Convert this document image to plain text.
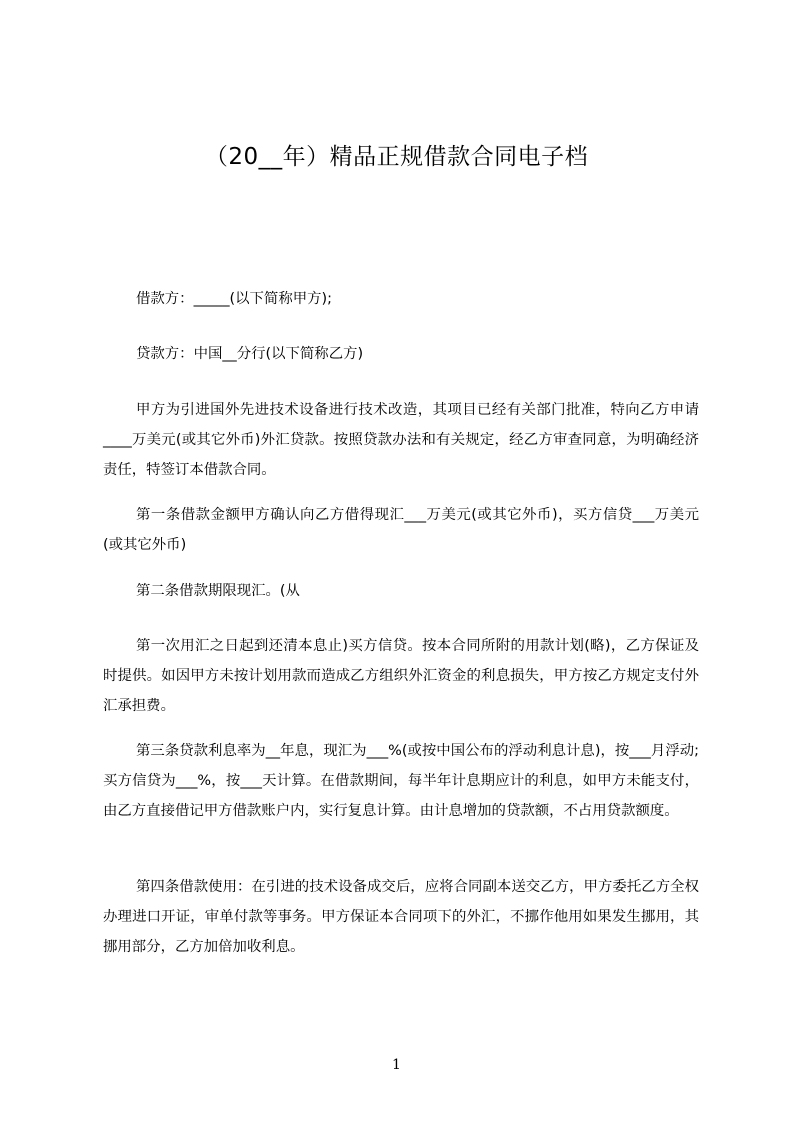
（20__年）精品正规借款合同电子档

借款方：_____(以下简称甲方);

贷款方：中国__分行(以下简称乙方)

甲方为引进国外先进技术设备进行技术改造，其项目已经有关部门批准，特向乙方申请____万美元(或其它外币)外汇贷款。按照贷款办法和有关规定，经乙方审查同意，为明确经济责任，特签订本借款合同。

第一条借款金额甲方确认向乙方借得现汇___万美元(或其它外币)，买方信贷___万美元(或其它外币)

第二条借款期限现汇。(从

第一次用汇之日起到还清本息止)买方信贷。按本合同所附的用款计划(略)，乙方保证及时提供。如因甲方未按计划用款而造成乙方组织外汇资金的利息损失，甲方按乙方规定支付外汇承担费。

第三条贷款利息率为__年息，现汇为___%(或按中国公布的浮动利息计息)，按___月浮动;买方信贷为___%，按___天计算。在借款期间，每半年计息期应计的利息，如甲方未能支付，由乙方直接借记甲方借款账户内，实行复息计算。由计息增加的贷款额，不占用贷款额度。

第四条借款使用：在引进的技术设备成交后，应将合同副本送交乙方，甲方委托乙方全权办理进口开证，审单付款等事务。甲方保证本合同项下的外汇，不挪作他用如果发生挪用，其挪用部分，乙方加倍加收利息。

1
